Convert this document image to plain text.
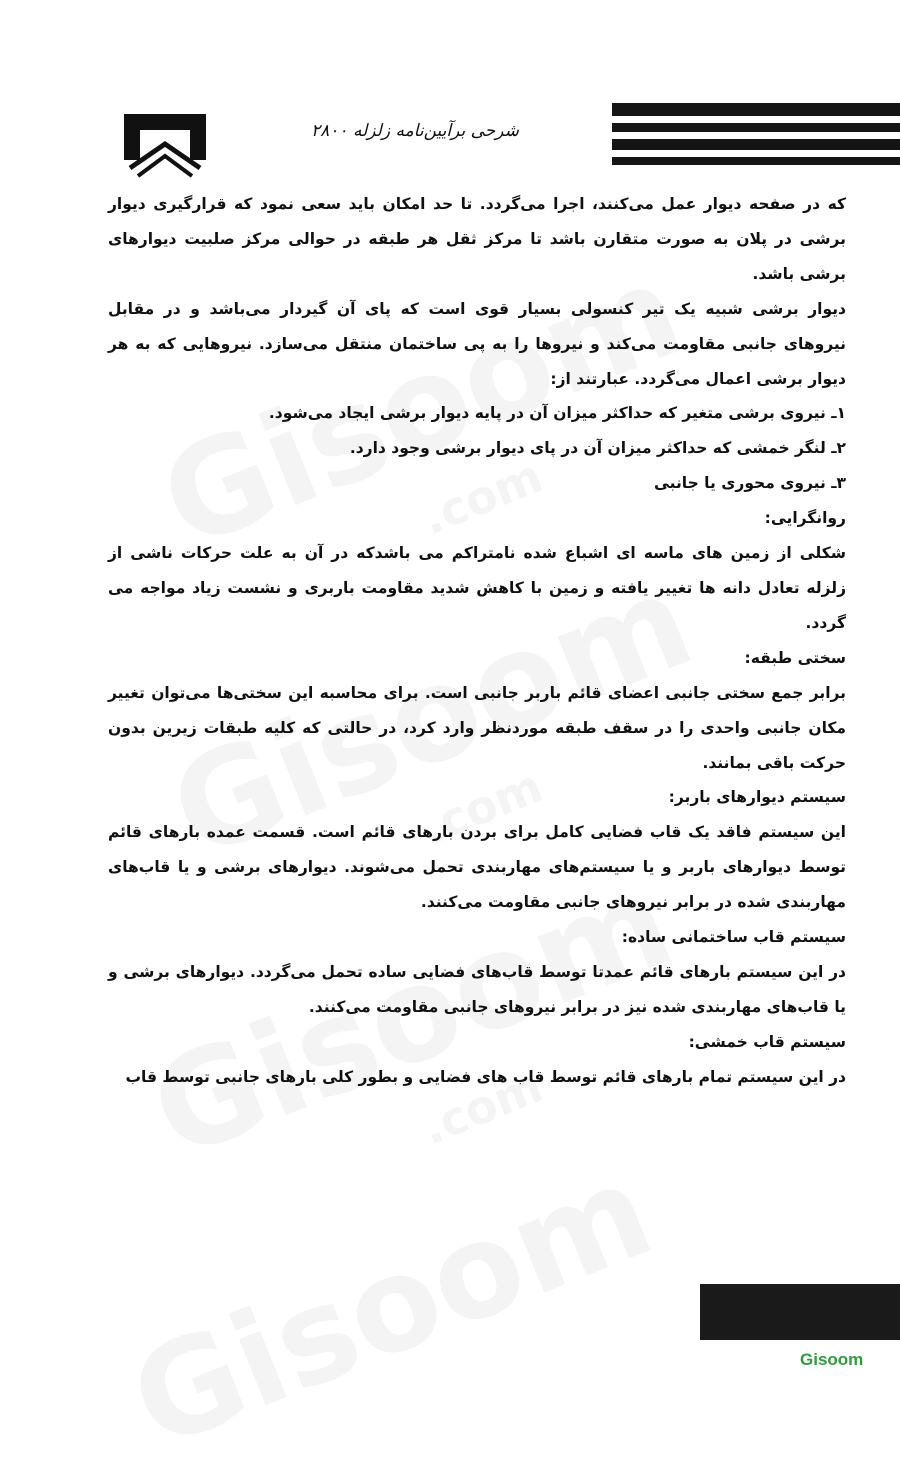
شرحی برآیین‌نامه زلزله ۲۸۰۰

که در صفحه دیوار عمل می‌کنند، اجرا می‌گردد. تا حد امکان باید سعی نمود که قرارگیری دیوار برشی در پلان به صورت متقارن باشد تا مرکز ثقل هر طبقه در حوالی مرکز صلبیت دیوارهای برشی باشد.

دیوار برشی شبیه یک تیر کنسولی بسیار قوی است که پای آن گیردار می‌باشد و در مقابل نیروهای جانبی مقاومت می‌کند و نیروها را به پی ساختمان منتقل می‌سازد. نیروهایی که به هر دیوار برشی اعمال می‌گردد. عبارتند از:

۱ـ نیروی برشی متغیر که حداکثر میزان آن در پایه دیوار برشی ایجاد می‌شود.

۲ـ لنگر خمشی که حداکثر میزان آن در پای دیوار برشی وجود دارد.

۳ـ نیروی محوری یا جانبی

روانگرایی:

شکلی از زمین های ماسه ای اشباع شده نامتراکم می باشدکه در آن به علت حرکات ناشی از زلزله تعادل دانه ها تغییر یافته و زمین با کاهش شدید مقاومت باربری و نشست زیاد مواجه می گردد.

سختی طبقه:

برابر جمع سختی جانبی اعضای قائم باربر جانبی است. برای محاسبه این سختی‌ها می‌توان تغییر مکان جانبی واحدی را در سقف طبقه موردنظر وارد کرد، در حالتی که کلیه طبقات زیرین بدون حرکت باقی بمانند.

سیستم دیوارهای باربر:

این سیستم فاقد یک قاب فضایی کامل برای بردن بارهای قائم است. قسمت عمده بارهای قائم توسط دیوارهای باربر و یا سیستم‌های مهاربندی تحمل می‌شوند. دیوارهای برشی و یا قاب‌های مهاربندی شده در برابر نیروهای جانبی مقاومت می‌کنند.

سیستم قاب ساختمانی ساده:

در این سیستم بارهای قائم عمدتا توسط قاب‌های فضایی ساده تحمل می‌گردد. دیوارهای برشی و یا قاب‌های مهاربندی شده نیز در برابر نیروهای جانبی مقاومت می‌کنند.

سیستم قاب خمشی:

در این سیستم تمام بارهای قائم توسط قاب های فضایی و بطور کلی بارهای جانبی توسط قاب

Gisoom
